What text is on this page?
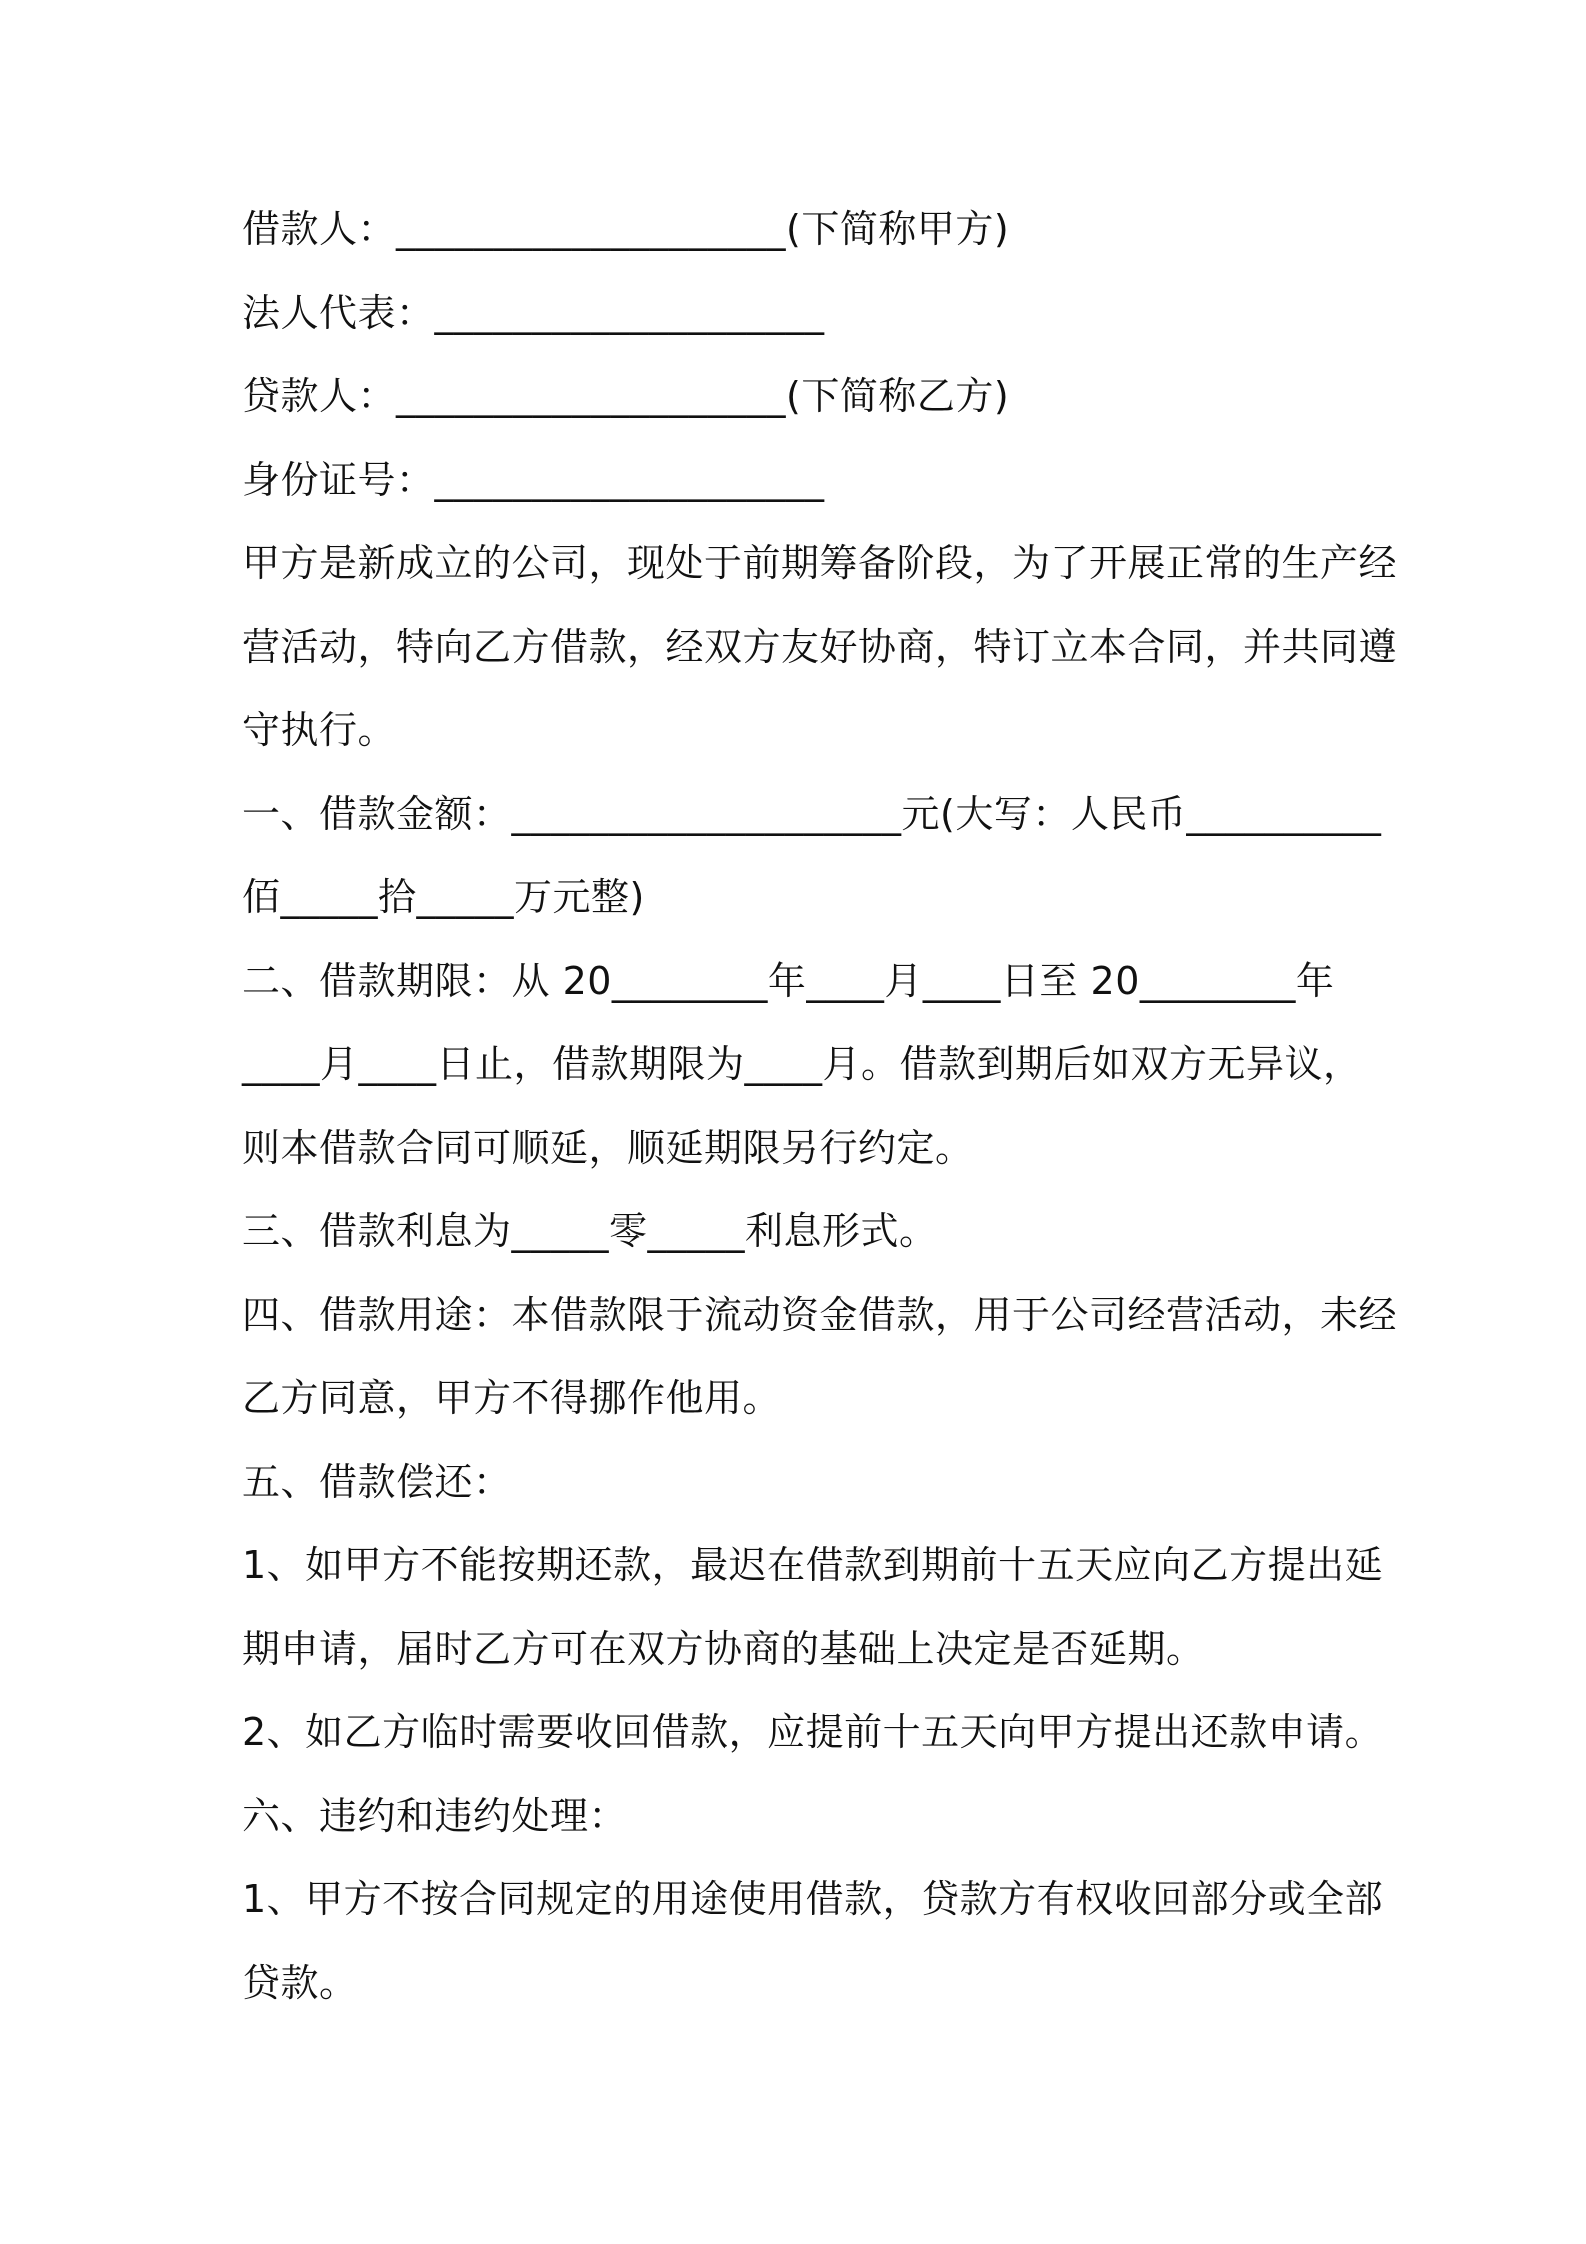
借款人：____________________(下简称甲方)
法人代表：____________________
贷款人：____________________(下简称乙方)
身份证号：____________________
甲方是新成立的公司，现处于前期筹备阶段，为了开展正常的生产经
营活动，特向乙方借款，经双方友好协商，特订立本合同，并共同遵
守执行。
一、借款金额：____________________元(大写：人民币__________
佰_____拾_____万元整)
二、借款期限：从 20________年____月____日至 20________年
____月____日止，借款期限为____月。借款到期后如双方无异议，
则本借款合同可顺延，顺延期限另行约定。
三、借款利息为_____零_____利息形式。
四、借款用途：本借款限于流动资金借款，用于公司经营活动，未经
乙方同意，甲方不得挪作他用。
五、借款偿还：
1、如甲方不能按期还款，最迟在借款到期前十五天应向乙方提出延
期申请，届时乙方可在双方协商的基础上决定是否延期。
2、如乙方临时需要收回借款，应提前十五天向甲方提出还款申请。
六、违约和违约处理：
1、甲方不按合同规定的用途使用借款，贷款方有权收回部分或全部
贷款。
